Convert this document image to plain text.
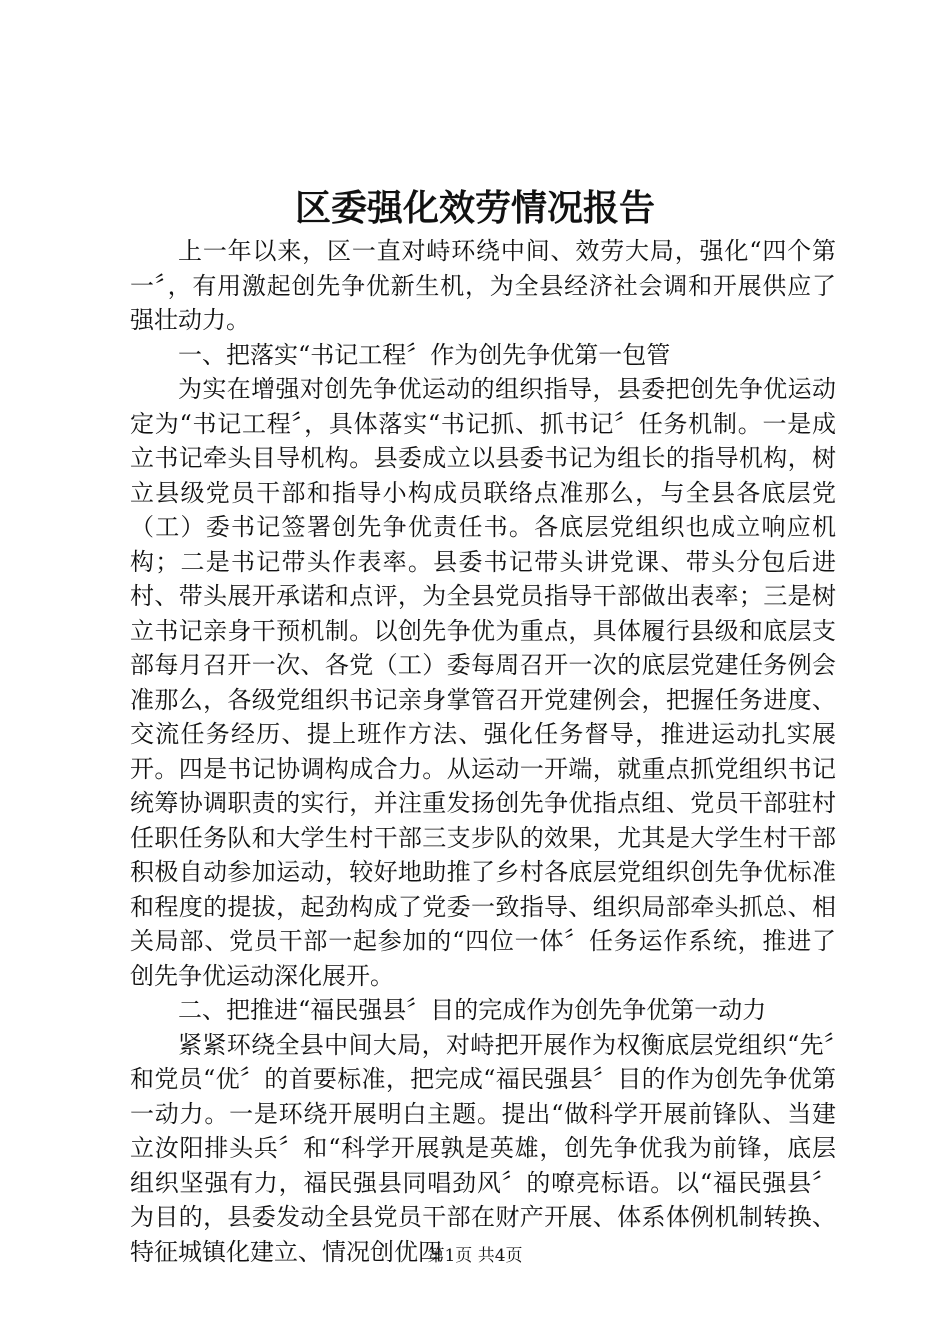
区委强化效劳情况报告

上一年以来，区一直对峙环绕中间、效劳大局，强化“四个第一〞，有用激起创先争优新生机，为全县经济社会调和开展供应了强壮动力。

一、把落实“书记工程〞作为创先争优第一包管

为实在增强对创先争优运动的组织指导，县委把创先争优运动定为“书记工程〞，具体落实“书记抓、抓书记〞任务机制。一是成立书记牵头目导机构。县委成立以县委书记为组长的指导机构，树立县级党员干部和指导小构成员联络点准那么，与全县各底层党（工）委书记签署创先争优责任书。各底层党组织也成立响应机构；二是书记带头作表率。县委书记带头讲党课、带头分包后进村、带头展开承诺和点评，为全县党员指导干部做出表率；三是树立书记亲身干预机制。以创先争优为重点，具体履行县级和底层支部每月召开一次、各党（工）委每周召开一次的底层党建任务例会准那么，各级党组织书记亲身掌管召开党建例会，把握任务进度、交流任务经历、提上班作方法、强化任务督导，推进运动扎实展开。四是书记协调构成合力。从运动一开端，就重点抓党组织书记统筹协调职责的实行，并注重发扬创先争优指点组、党员干部驻村任职任务队和大学生村干部三支步队的效果，尤其是大学生村干部积极自动参加运动，较好地助推了乡村各底层党组织创先争优标准和程度的提拔，起劲构成了党委一致指导、组织局部牵头抓总、相关局部、党员干部一起参加的“四位一体〞任务运作系统，推进了创先争优运动深化展开。

二、把推进“福民强县〞目的完成作为创先争优第一动力

紧紧环绕全县中间大局，对峙把开展作为权衡底层党组织“先〞和党员“优〞的首要标准，把完成“福民强县〞目的作为创先争优第一动力。一是环绕开展明白主题。提出“做科学开展前锋队、当建立汝阳排头兵〞和“科学开展孰是英雄，创先争优我为前锋，底层组织坚强有力，福民强县同唱劲风〞的嘹亮标语。以“福民强县〞为目的，县委发动全县党员干部在财产开展、体系体例机制转换、特征城镇化建立、情况创优四

第1页 共4页
